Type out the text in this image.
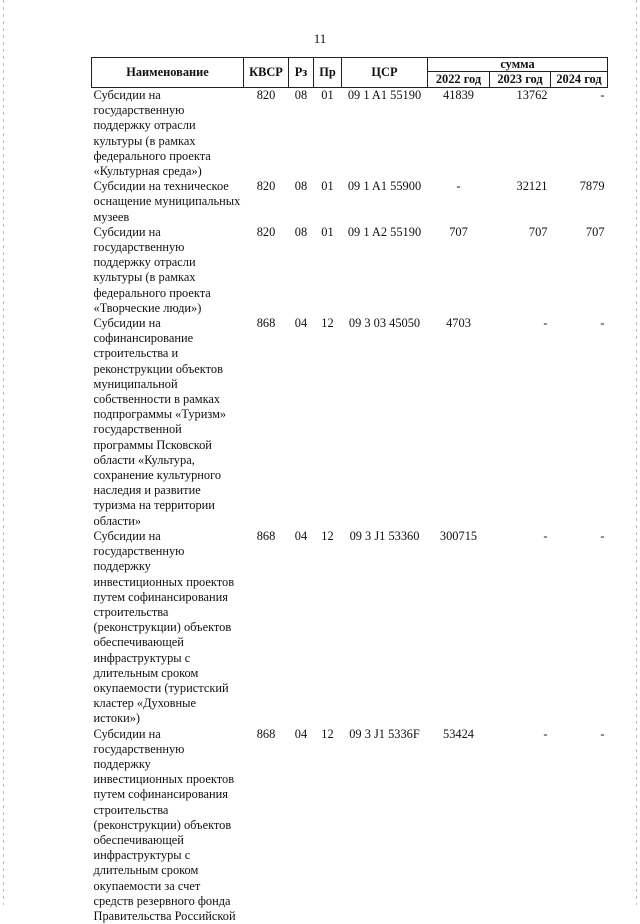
11
Наименование	КВСР	Рз	Пр	ЦСР	сумма		
					2022 год	2023 год	2024 год
Субсидии на государственную поддержку отрасли культуры (в рамках федерального проекта «Культурная среда»)	820	08	01	09 1 A1 55190	41839	13762	-
Субсидии на техническое оснащение муниципальных музеев	820	08	01	09 1 A1 55900	-	32121	7879
Субсидии на государственную поддержку отрасли культуры (в рамках федерального проекта «Творческие люди»)	820	08	01	09 1 A2 55190	707	707	707
Субсидии на софинансирование строительства и реконструкции объектов муниципальной собственности в рамках подпрограммы «Туризм» государственной программы Псковской области «Культура, сохранение культурного наследия и развитие туризма на территории области»	868	04	12	09 3 03 45050	4703	-	-
Субсидии на государственную поддержку инвестиционных проектов путем софинансирования строительства (реконструкции) объектов обеспечивающей инфраструктуры с длительным сроком окупаемости (туристский кластер «Духовные истоки»)	868	04	12	09 3 J1 53360	300715	-	-
Субсидии на государственную поддержку инвестиционных проектов путем софинансирования строительства (реконструкции) объектов обеспечивающей инфраструктуры с длительным сроком окупаемости за счет средств резервного фонда Правительства Российской	868	04	12	09 3 J1 5336F	53424	-	-
